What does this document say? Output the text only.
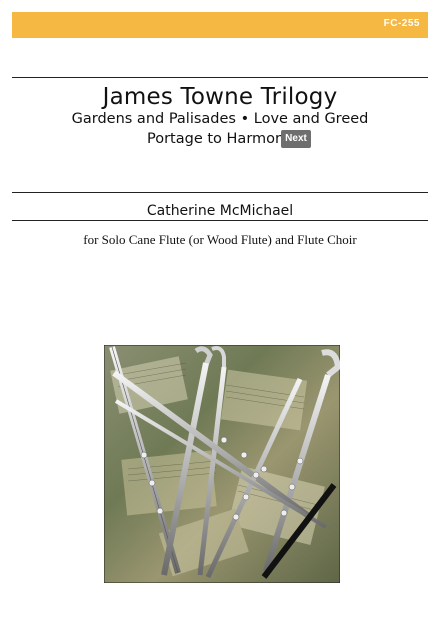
FC-255
James Towne Trilogy
Gardens and Palisades • Love and Greed
Portage to Harmor Next
Catherine McMichael
for Solo Cane Flute (or Wood Flute) and Flute Choir
